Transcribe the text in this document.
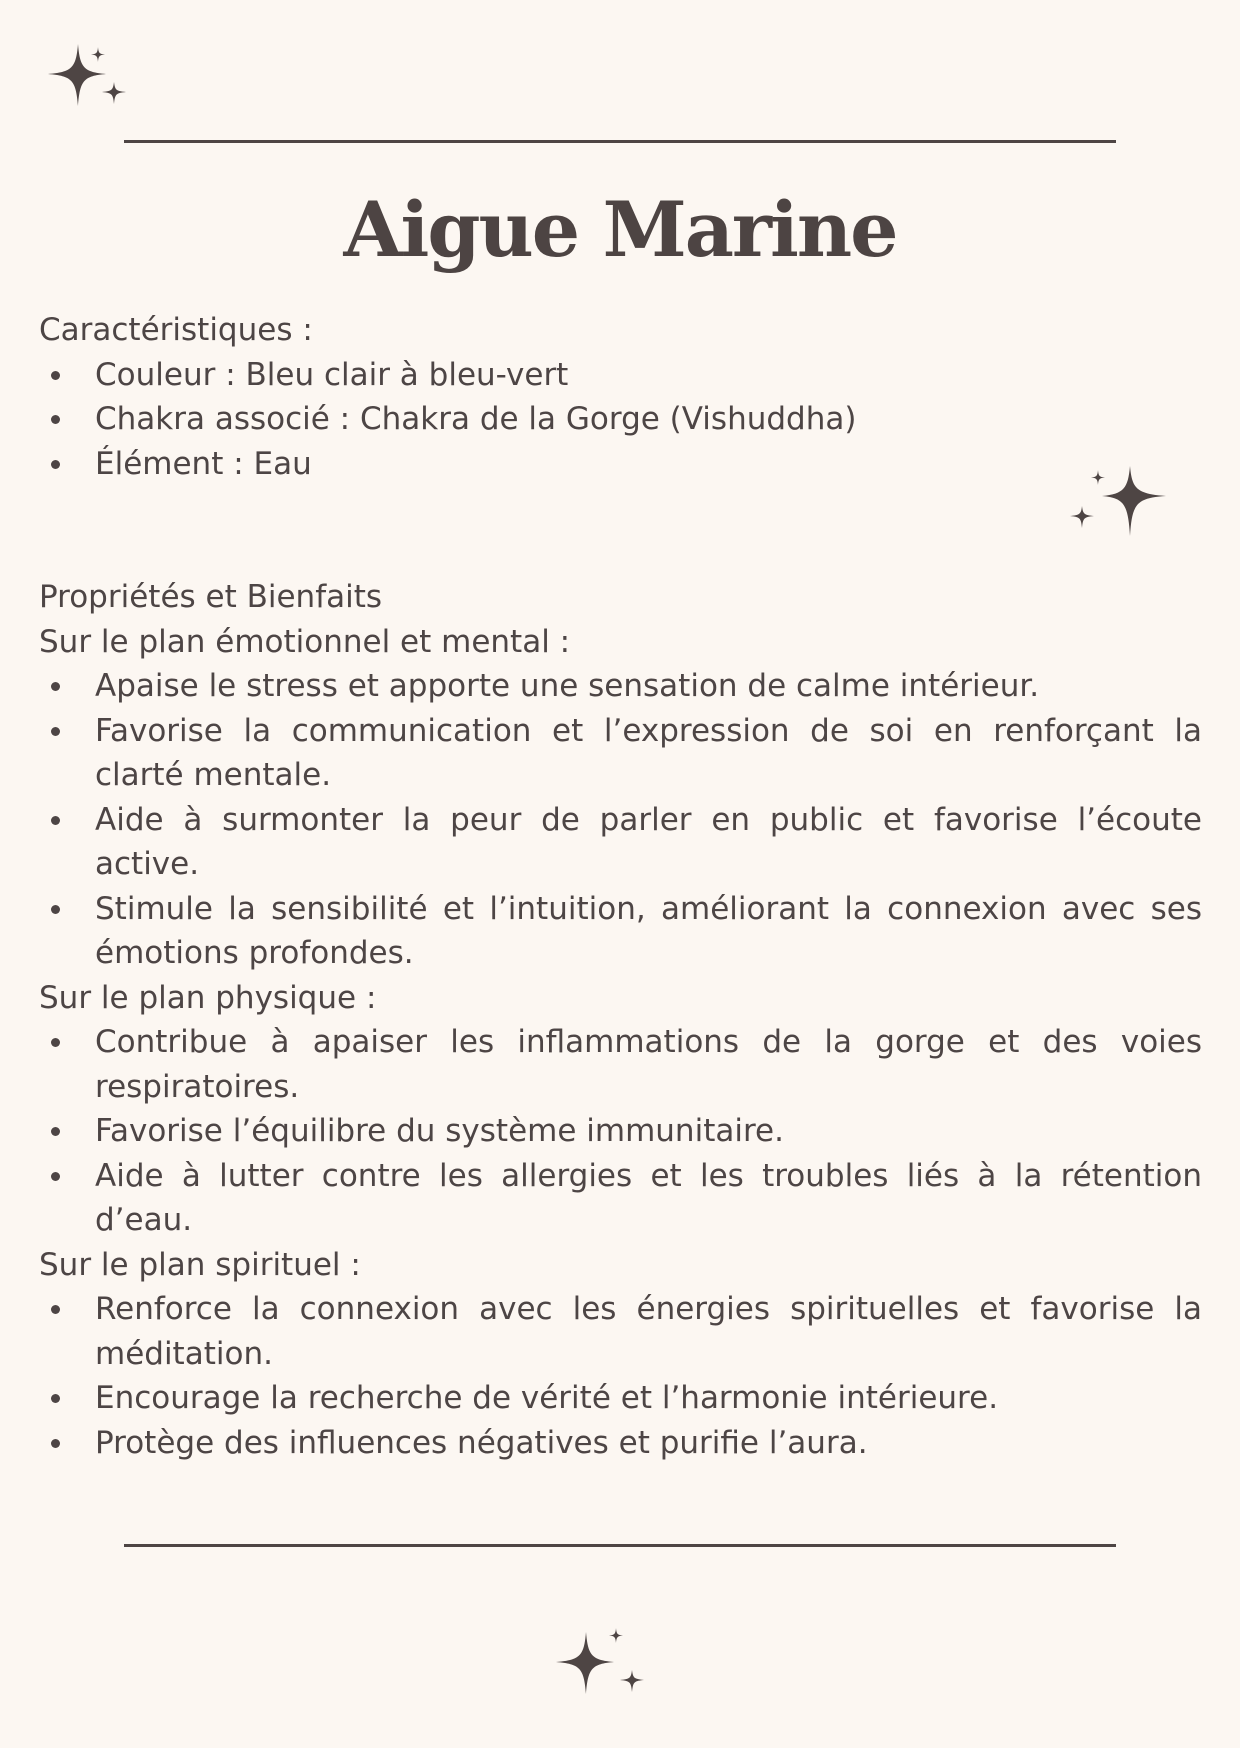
Aigue Marine

Caractéristiques :

Couleur : Bleu clair à bleu-vert
Chakra associé : Chakra de la Gorge (Vishuddha)
Élément : Eau

Propriétés et Bienfaits

Sur le plan émotionnel et mental :

Apaise le stress et apporte une sensation de calme intérieur.
Favorise la communication et l’expression de soi en renforçant la clarté mentale.
Aide à surmonter la peur de parler en public et favorise l’écoute active.
Stimule la sensibilité et l’intuition, améliorant la connexion avec ses émotions profondes.

Sur le plan physique :

Contribue à apaiser les inflammations de la gorge et des voies respiratoires.
Favorise l’équilibre du système immunitaire.
Aide à lutter contre les allergies et les troubles liés à la rétention d’eau.

Sur le plan spirituel :

Renforce la connexion avec les énergies spirituelles et favorise la méditation.
Encourage la recherche de vérité et l’harmonie intérieure.
Protège des influences négatives et purifie l’aura.
